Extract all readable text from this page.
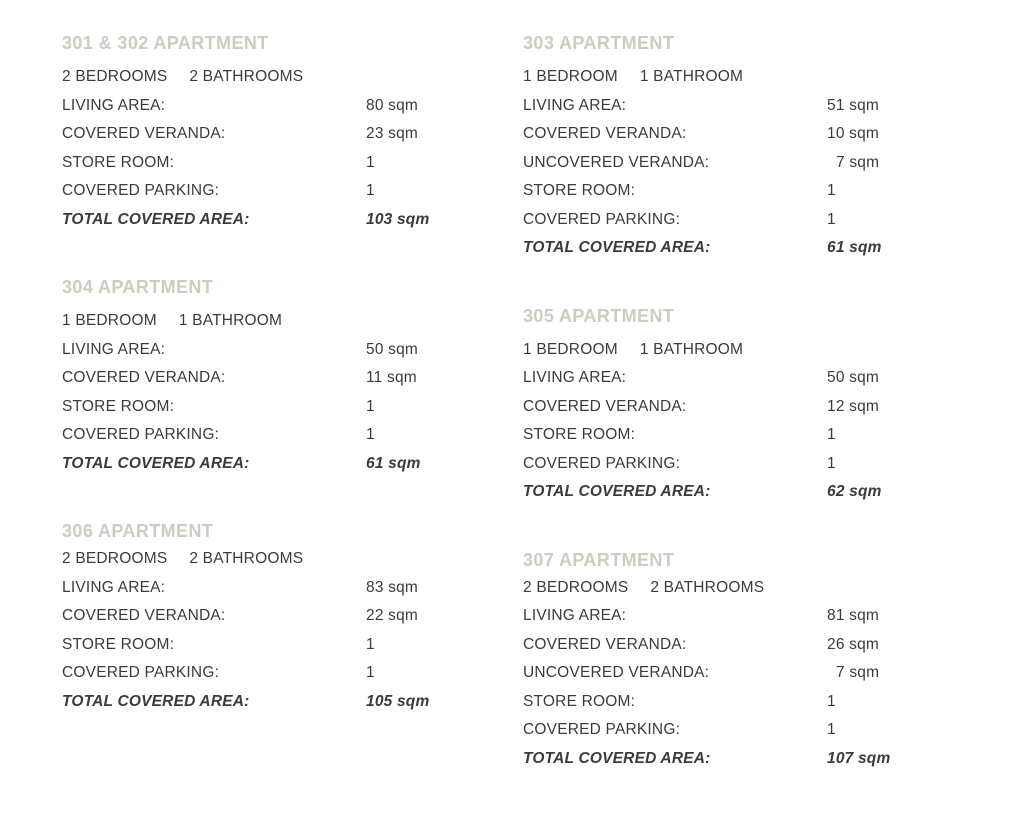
301 & 302 APARTMENT
2 BEDROOMS 2 BATHROOMS
LIVING AREA:	80 sqm
COVERED VERANDA:	23 sqm
STORE ROOM:	1
COVERED PARKING:	1
TOTAL COVERED AREA:	103 sqm
304 APARTMENT
1 BEDROOM 1 BATHROOM
LIVING AREA:	50 sqm
COVERED VERANDA:	11 sqm
STORE ROOM:	1
COVERED PARKING:	1
TOTAL COVERED AREA:	61 sqm
306 APARTMENT
2 BEDROOMS 2 BATHROOMS
LIVING AREA:	83 sqm
COVERED VERANDA:	22 sqm
STORE ROOM:	1
COVERED PARKING:	1
TOTAL COVERED AREA:	105 sqm
303 APARTMENT
1 BEDROOM 1 BATHROOM
LIVING AREA:	51 sqm
COVERED VERANDA:	10 sqm
UNCOVERED VERANDA:	7 sqm
STORE ROOM:	1
COVERED PARKING:	1
TOTAL COVERED AREA:	61 sqm
305 APARTMENT
1 BEDROOM 1 BATHROOM
LIVING AREA:	50 sqm
COVERED VERANDA:	12 sqm
STORE ROOM:	1
COVERED PARKING:	1
TOTAL COVERED AREA:	62 sqm
307 APARTMENT
2 BEDROOMS 2 BATHROOMS
LIVING AREA:	81 sqm
COVERED VERANDA:	26 sqm
UNCOVERED VERANDA:	7 sqm
STORE ROOM:	1
COVERED PARKING:	1
TOTAL COVERED AREA:	107 sqm
